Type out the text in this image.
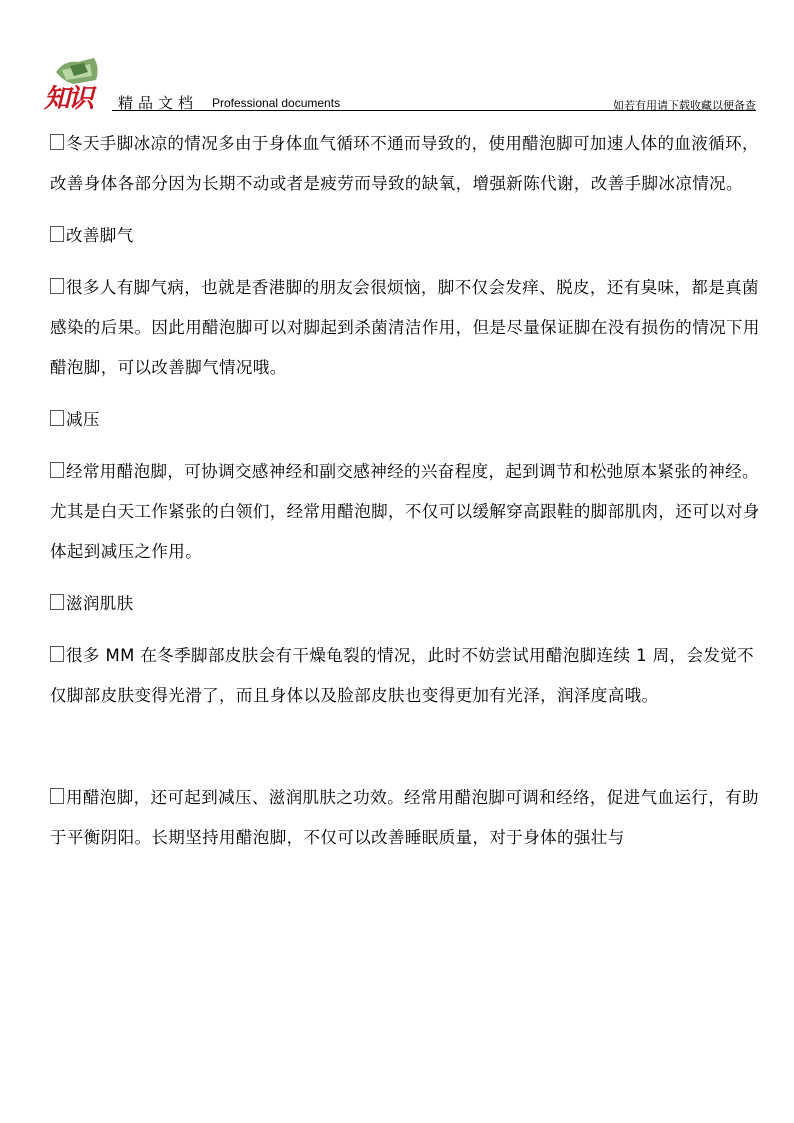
知识 精品文档 Professional documents	如若有用请下载收藏以便备查

冬天手脚冰凉的情况多由于身体血气循环不通而导致的，使用醋泡脚可加速人体的血液循环，改善身体各部分因为长期不动或者是疲劳而导致的缺氧，增强新陈代谢，改善手脚冰凉情况。

改善脚气

很多人有脚气病，也就是香港脚的朋友会很烦恼，脚不仅会发痒、脱皮，还有臭味，都是真菌感染的后果。因此用醋泡脚可以对脚起到杀菌清洁作用，但是尽量保证脚在没有损伤的情况下用醋泡脚，可以改善脚气情况哦。

减压

经常用醋泡脚，可协调交感神经和副交感神经的兴奋程度，起到调节和松弛原本紧张的神经。尤其是白天工作紧张的白领们，经常用醋泡脚，不仅可以缓解穿高跟鞋的脚部肌肉，还可以对身体起到减压之作用。

滋润肌肤

很多 MM 在冬季脚部皮肤会有干燥龟裂的情况，此时不妨尝试用醋泡脚连续 1 周，会发觉不仅脚部皮肤变得光滑了，而且身体以及脸部皮肤也变得更加有光泽，润泽度高哦。

用醋泡脚，还可起到减压、滋润肌肤之功效。经常用醋泡脚可调和经络，促进气血运行，有助于平衡阴阳。长期坚持用醋泡脚，不仅可以改善睡眠质量，对于身体的强壮与
